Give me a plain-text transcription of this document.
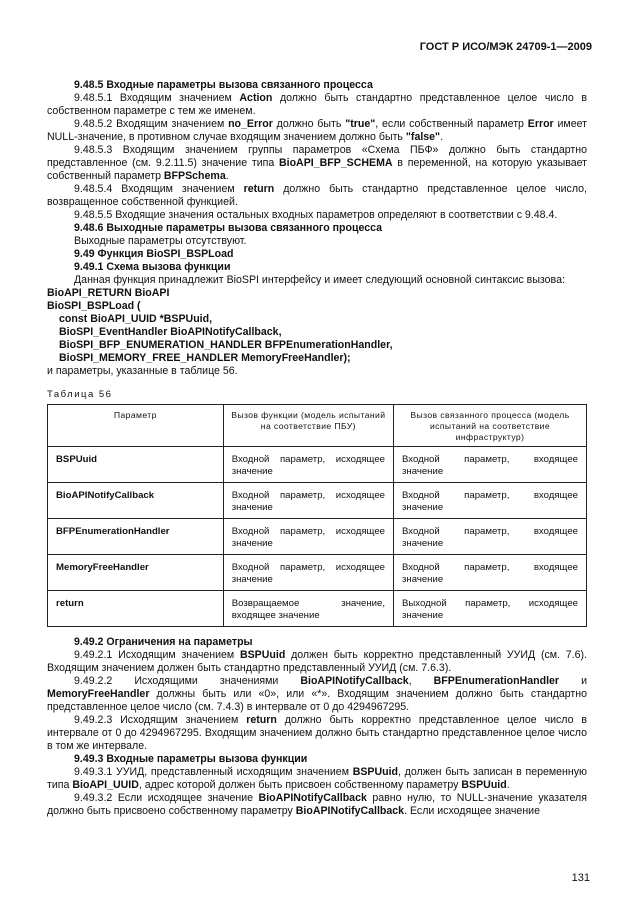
ГОСТ Р ИСО/МЭК 24709-1—2009

9.48.5 Входные параметры вызова связанного процесса

9.48.5.1 Входящим значением Action должно быть стандартно представленное целое число в собственном параметре с тем же именем.

9.48.5.2 Входящим значением no_Error должно быть "true", если собственный параметр Error имеет NULL-значение, в противном случае входящим значением должно быть "false".

9.48.5.3 Входящим значением группы параметров «Схема ПБФ» должно быть стандартно представленное (см. 9.2.11.5) значение типа BioAPI_BFP_SCHEMA в переменной, на которую указывает собственный параметр BFPSchema.

9.48.5.4 Входящим значением return должно быть стандартно представленное целое число, возвращенное собственной функцией.

9.48.5.5 Входящие значения остальных входных параметров определяют в соответствии с 9.48.4.

9.48.6 Выходные параметры вызова связанного процесса

Выходные параметры отсутствуют.

9.49 Функция BioSPI_BSPLoad

9.49.1 Схема вызова функции

Данная функция принадлежит BioSPI интерфейсу и имеет следующий основной синтаксис вызова:

BioAPI_RETURN BioAPI

BioSPI_BSPLoad (

const BioAPI_UUID *BSPUuid,

BioSPI_EventHandler BioAPINotifyCallback,

BioSPI_BFP_ENUMERATION_HANDLER BFPEnumerationHandler,

BioSPI_MEMORY_FREE_HANDLER MemoryFreeHandler);

и параметры, указанные в таблице 56.

Таблица 56
Параметр	Вызов функции (модель испытаний на соответствие ПБУ)	Вызов связанного процесса (модель испытаний на соответствие инфраструктур)
BSPUuid	Входной параметр, исходящее значение	Входной параметр, входящее значение
BioAPINotifyCallback	Входной параметр, исходящее значение	Входной параметр, входящее значение
BFPEnumerationHandler	Входной параметр, исходящее значение	Входной параметр, входящее значение
MemoryFreeHandler	Входной параметр, исходящее значение	Входной параметр, входящее значение
return	Возвращаемое значение, входящее значение	Выходной параметр, исходящее значение

9.49.2 Ограничения на параметры

9.49.2.1 Исходящим значением BSPUuid должен быть корректно представленный УУИД (см. 7.6). Входящим значением должен быть стандартно представленный УУИД (см. 7.6.3).

9.49.2.2 Исходящими значениями BioAPINotifyCallback, BFPEnumerationHandler и MemoryFreeHandler должны быть или «0», или «*». Входящим значением должно быть стандартно представленное целое число (см. 7.4.3) в интервале от 0 до 4294967295.

9.49.2.3 Исходящим значением return должно быть корректно представленное целое число в интервале от 0 до 4294967295. Входящим значением должно быть стандартно представленное целое число в том же интервале.

9.49.3 Входные параметры вызова функции

9.49.3.1 УУИД, представленный исходящим значением BSPUuid, должен быть записан в переменную типа BioAPI_UUID, адрес которой должен быть присвоен собственному параметру BSPUuid.

9.49.3.2 Если исходящее значение BioAPINotifyCallback равно нулю, то NULL-значение указателя должно быть присвоено собственному параметру BioAPINotifyCallback. Если исходящее значение

131
